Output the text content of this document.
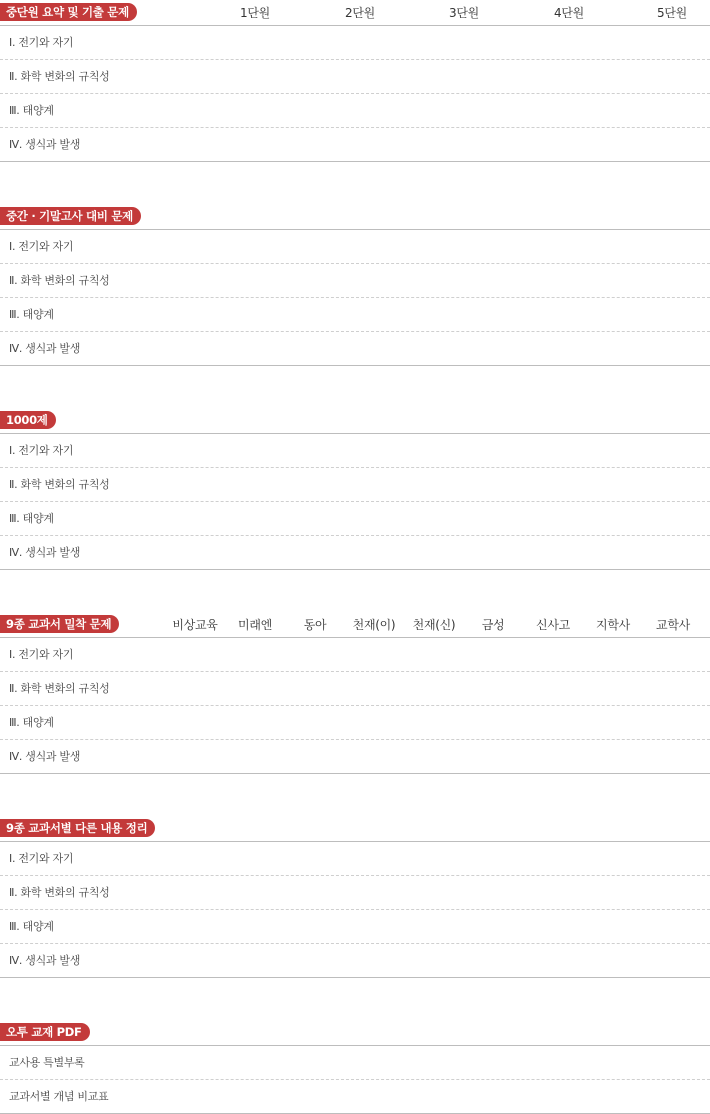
중단원 요약 및 기출 문제	1단원	2단원	3단원	4단원	5단원
Ⅰ. 전기와 자기
Ⅱ. 화학 변화의 규칙성
Ⅲ. 태양계
Ⅳ. 생식과 발생
중간 · 기말고사 대비 문제
Ⅰ. 전기와 자기
Ⅱ. 화학 변화의 규칙성
Ⅲ. 태양계
Ⅳ. 생식과 발생
1000제
Ⅰ. 전기와 자기
Ⅱ. 화학 변화의 규칙성
Ⅲ. 태양계
Ⅳ. 생식과 발생
9종 교과서 밀착 문제	비상교육	미래엔	동아	천재(이)	천재(신)	금성	신사고	지학사	교학사
Ⅰ. 전기와 자기
Ⅱ. 화학 변화의 규칙성
Ⅲ. 태양계
Ⅳ. 생식과 발생
9종 교과서별 다른 내용 정리
Ⅰ. 전기와 자기
Ⅱ. 화학 변화의 규칙성
Ⅲ. 태양계
Ⅳ. 생식과 발생
오투 교재 PDF
교사용 특별부록
교과서별 개념 비교표
